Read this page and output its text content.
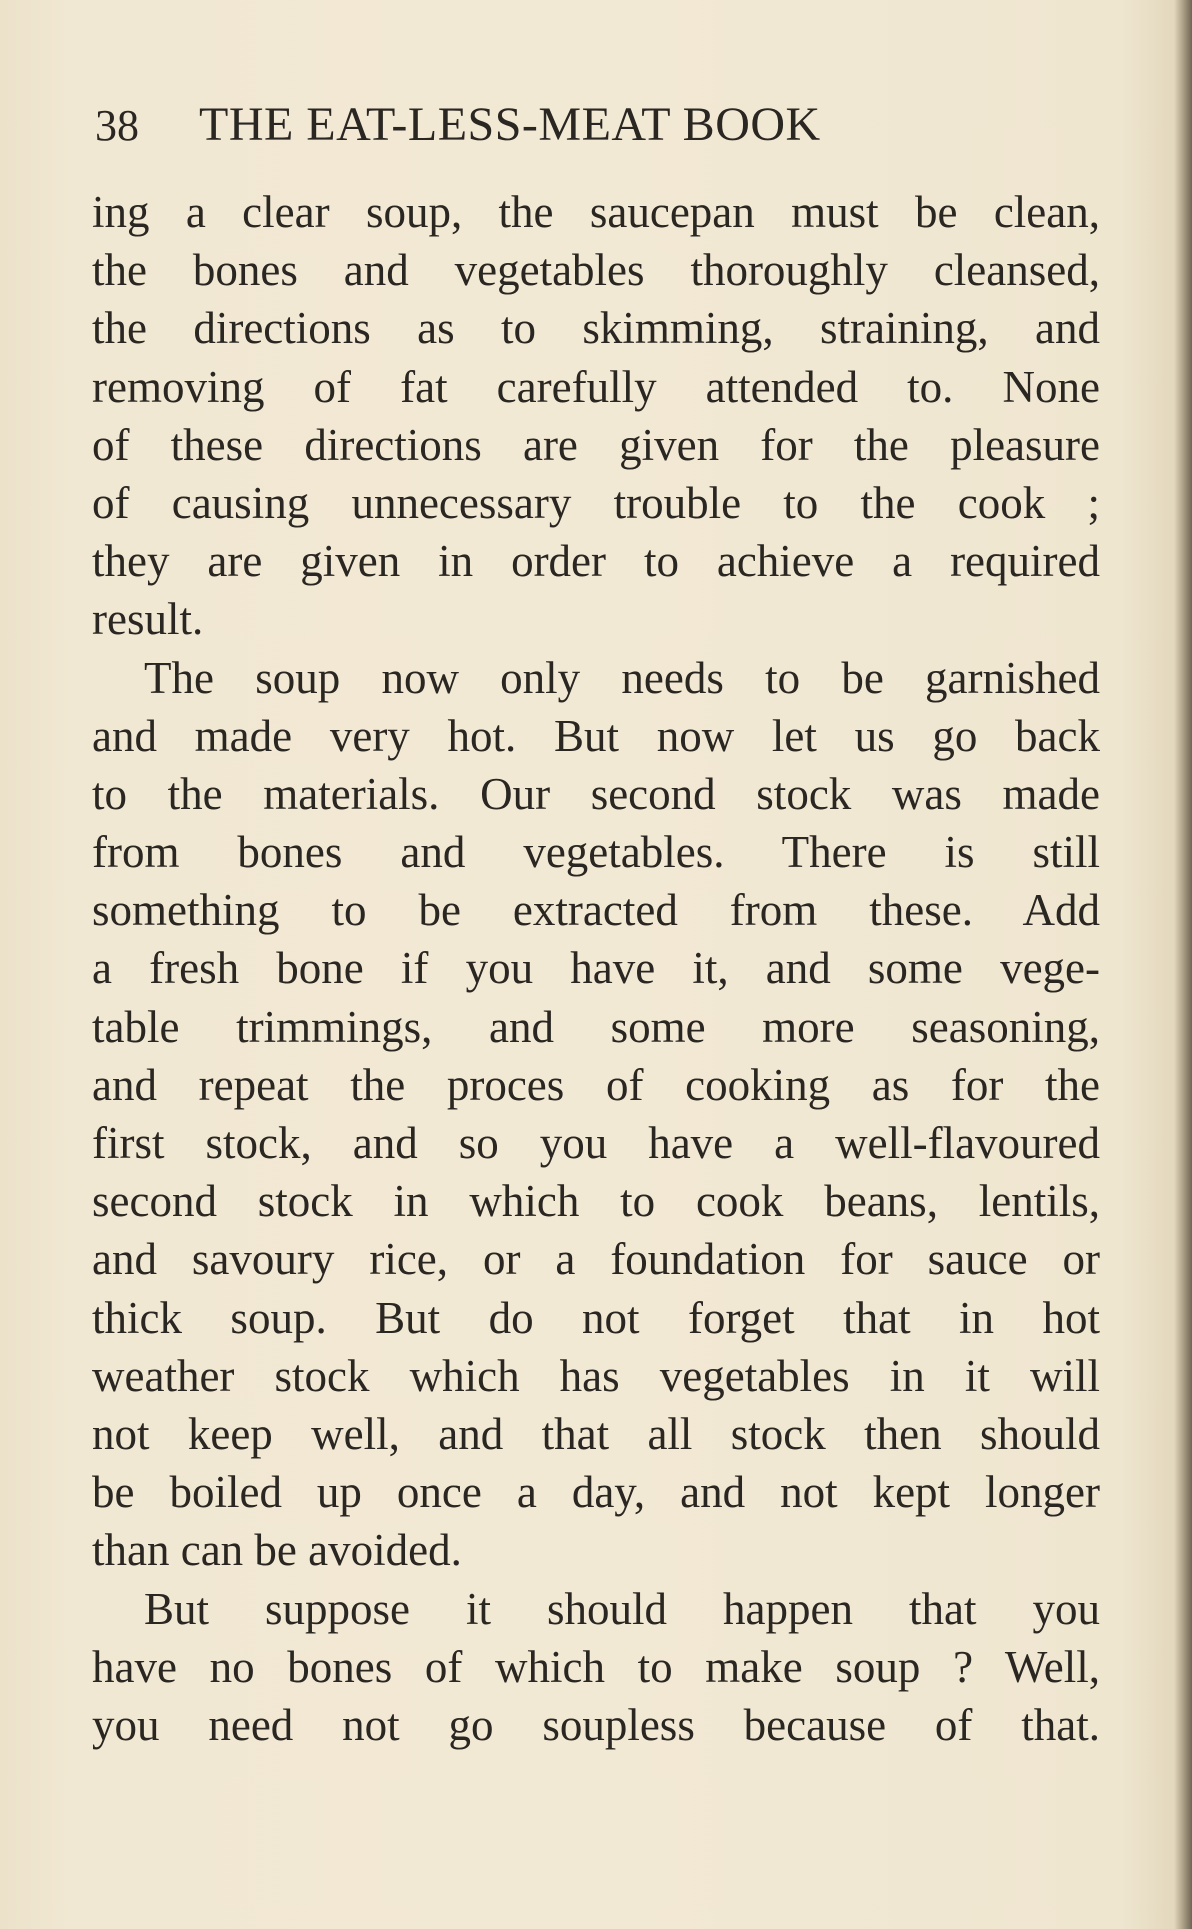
38	THE EAT-LESS-MEAT BOOK
ing a clear soup, the saucepan must be clean,
the bones and vegetables thoroughly cleansed,
the directions as to skimming, straining, and
removing of fat carefully attended to. None
of these directions are given for the pleasure
of causing unnecessary trouble to the cook ;
they are given in order to achieve a required
result.
The soup now only needs to be garnished
and made very hot. But now let us go back
to the materials. Our second stock was made
from bones and vegetables. There is still
something to be extracted from these. Add
a fresh bone if you have it, and some vege-
table trimmings, and some more seasoning,
and repeat the proces of cooking as for the
first stock, and so you have a well-flavoured
second stock in which to cook beans, lentils,
and savoury rice, or a foundation for sauce or
thick soup. But do not forget that in hot
weather stock which has vegetables in it will
not keep well, and that all stock then should
be boiled up once a day, and not kept longer
than can be avoided.
But suppose it should happen that you
have no bones of which to make soup ? Well,
you need not go soupless because of that.
